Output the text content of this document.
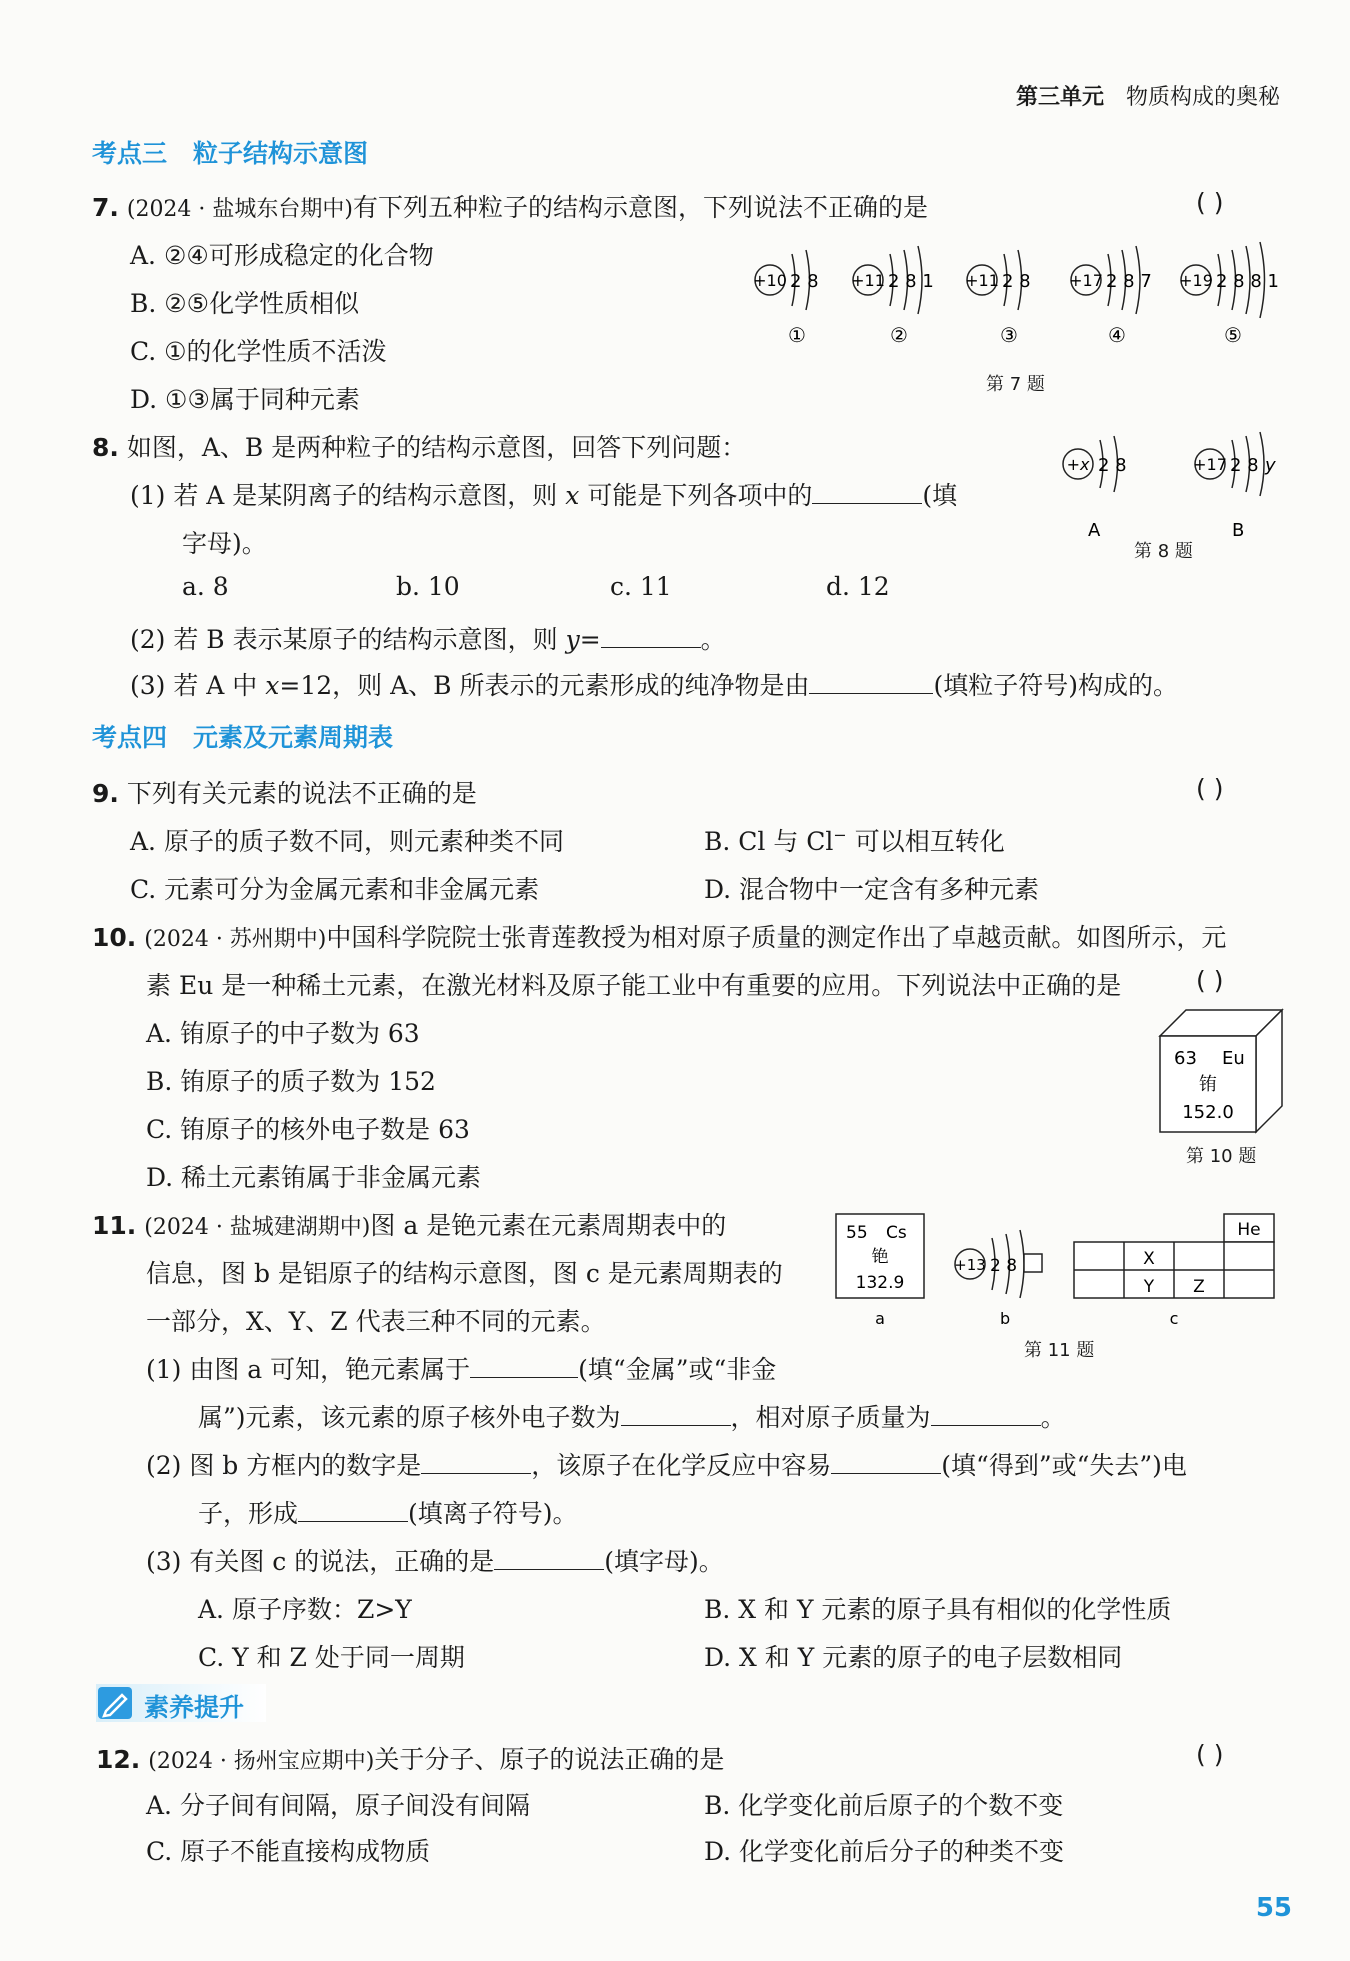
第三单元 物质构成的奥秘
考点三 粒子结构示意图
7. (2024 · 盐城东台期中)有下列五种粒子的结构示意图，下列说法不正确的是	( )
A. ②④可形成稳定的化合物
B. ②⑤化学性质相似
C. ①的化学性质不活泼
D. ①③属于同种元素
+10 2 8
①
+11 2 8 1
②
+11 2 8
③
+17 2 8 7
④
+19 2 8 8 1
⑤
第 7 题
8. 如图，A、B 是两种粒子的结构示意图，回答下列问题：
(1) 若 A 是某阴离子的结构示意图，则 x 可能是下列各项中的	(填
字母)。
a. 8	b. 10	c. 11	d. 12
(2) 若 B 表示某原子的结构示意图，则 y=	。
(3) 若 A 中 x=12，则 A、B 所表示的元素形成的纯净物是由	(填粒子符号)构成的。
+x 2 8
A
+17 2 8 y
B
第 8 题
考点四 元素及元素周期表
9. 下列有关元素的说法不正确的是	( )
A. 原子的质子数不同，则元素种类不同	B. Cl 与 Cl− 可以相互转化
C. 元素可分为金属元素和非金属元素	D. 混合物中一定含有多种元素
10. (2024 · 苏州期中)中国科学院院士张青莲教授为相对原子质量的测定作出了卓越贡献。如图所示，元
素 Eu 是一种稀土元素，在激光材料及原子能工业中有重要的应用。下列说法中正确的是	( )
A. 铕原子的中子数为 63
B. 铕原子的质子数为 152
C. 铕原子的核外电子数是 63
D. 稀土元素铕属于非金属元素
63 Eu
铕
152.0
第 10 题
11. (2024 · 盐城建湖期中)图 a 是铯元素在元素周期表中的
信息，图 b 是铝原子的结构示意图，图 c 是元素周期表的
一部分，X、Y、Z 代表三种不同的元素。
(1) 由图 a 可知，铯元素属于	(填“金属”或“非金
属”)元素，该元素的原子核外电子数为	，相对原子质量为	。
(2) 图 b 方框内的数字是	，该原子在化学反应中容易	(填“得到”或“失去”)电
子，形成	(填离子符号)。
(3) 有关图 c 的说法，正确的是	(填字母)。
A. 原子序数：Z>Y	B. X 和 Y 元素的原子具有相似的化学性质
C. Y 和 Z 处于同一周期	D. X 和 Y 元素的原子的电子层数相同
55 Cs
铯
132.9
a
+13 2 8
b
He
X
Y Z
c
第 11 题
素养提升
12. (2024 · 扬州宝应期中)关于分子、原子的说法正确的是	( )
A. 分子间有间隔，原子间没有间隔	B. 化学变化前后原子的个数不变
C. 原子不能直接构成物质	D. 化学变化前后分子的种类不变
55
